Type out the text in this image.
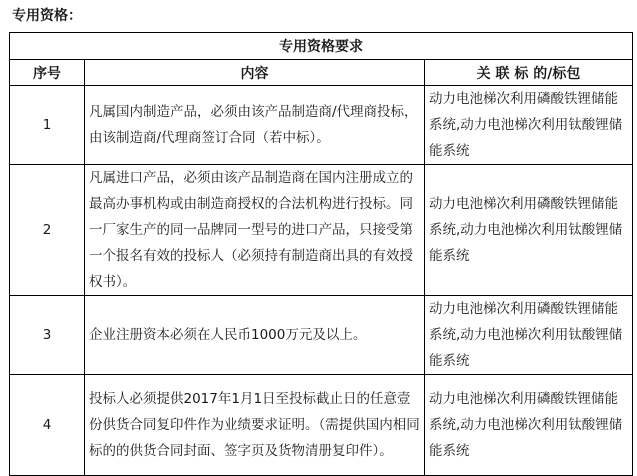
专用资格：
专用资格要求		
序号	内容	关 联 标 的/标包
1	凡属国内制造产品，必须由该产品制造商/代理商投标，由该制造商/代理商签订合同（若中标）。	动力电池梯次利用磷酸铁锂储能系统,动力电池梯次利用钛酸锂储能系统
2	凡属进口产品，必须由该产品制造商在国内注册成立的最高办事机构或由制造商授权的合法机构进行投标。同一厂家生产的同一品牌同一型号的进口产品，只接受第一个报名有效的投标人（必须持有制造商出具的有效授权书）。	动力电池梯次利用磷酸铁锂储能系统,动力电池梯次利用钛酸锂储能系统
3	企业注册资本必须在人民币1000万元及以上。	动力电池梯次利用磷酸铁锂储能系统,动力电池梯次利用钛酸锂储能系统
4	投标人必须提供2017年1月1日至投标截止日的任意壹份供货合同复印件作为业绩要求证明。（需提供国内相同标的的供货合同封面、签字页及货物清册复印件）。	动力电池梯次利用磷酸铁锂储能系统,动力电池梯次利用钛酸锂储能系统
